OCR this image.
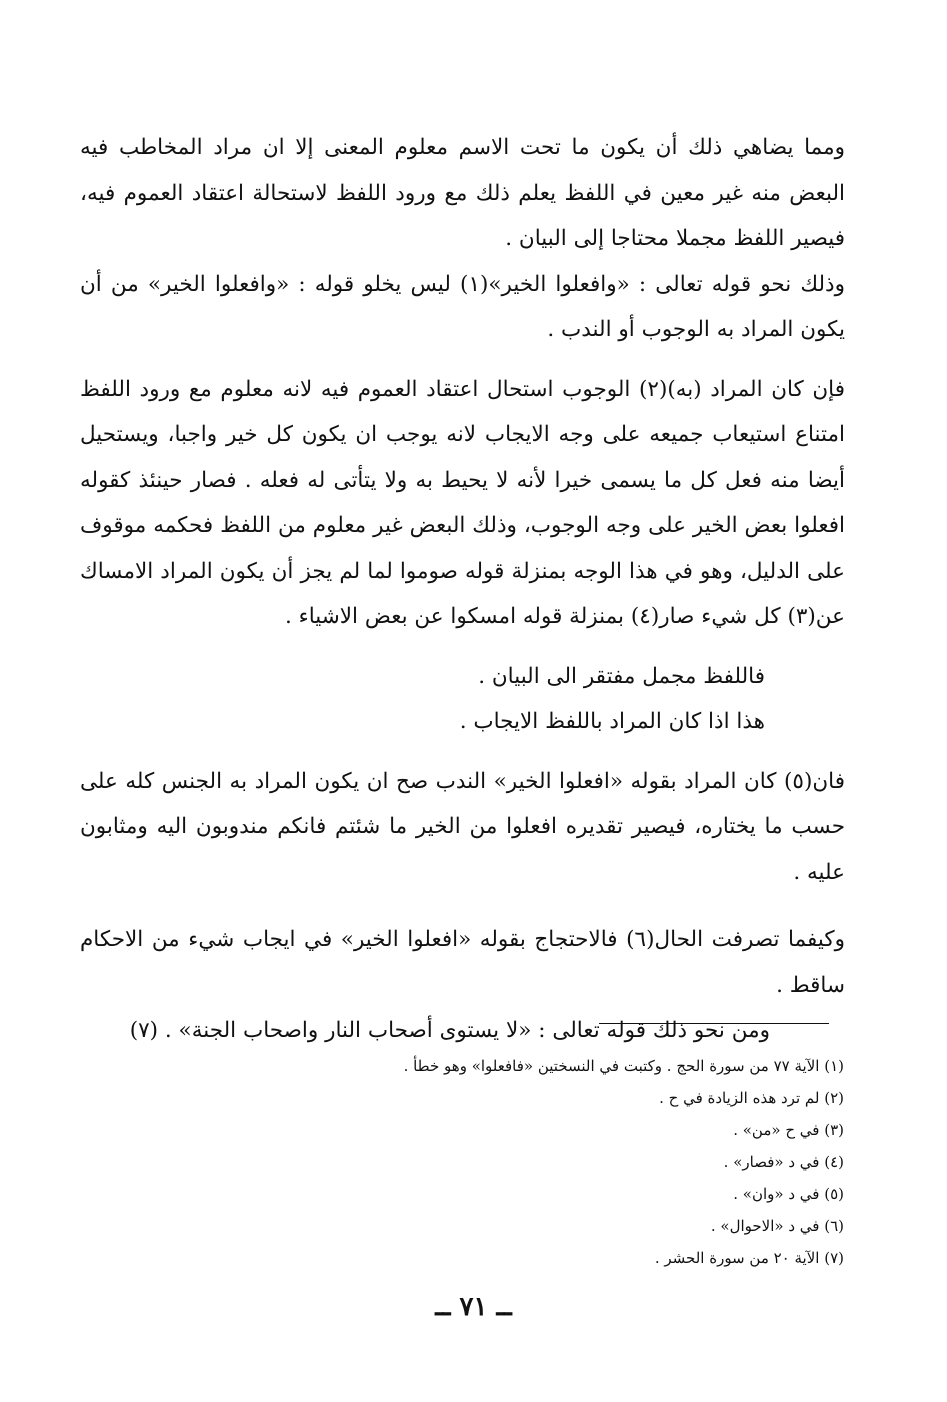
ومما يضاهي ذلك أن يكون ما تحت الاسم معلوم المعنى إلا ان مراد المخاطب فيه البعض منه غير معين في اللفظ يعلم ذلك مع ورود اللفظ لاستحالة اعتقاد العموم فيه، فيصير اللفظ مجملا محتاجا إلى البيان .

وذلك نحو قوله تعالى : «وافعلوا الخير»(١) ليس يخلو قوله : «وافعلوا الخير» من أن يكون المراد به الوجوب أو الندب .

فإن كان المراد (به)(٢) الوجوب استحال اعتقاد العموم فيه لانه معلوم مع ورود اللفظ امتناع استيعاب جميعه على وجه الايجاب لانه يوجب ان يكون كل خير واجبا، ويستحيل أيضا منه فعل كل ما يسمى خيرا لأنه لا يحيط به ولا يتأتى له فعله . فصار حينئذ كقوله افعلوا بعض الخير على وجه الوجوب، وذلك البعض غير معلوم من اللفظ فحكمه موقوف على الدليل، وهو في هذا الوجه بمنزلة قوله صوموا لما لم يجز أن يكون المراد الامساك عن(٣) كل شيء صار(٤) بمنزلة قوله امسكوا عن بعض الاشياء .

فاللفظ مجمل مفتقر الى البيان .

هذا اذا كان المراد باللفظ الايجاب .

فان(٥) كان المراد بقوله «افعلوا الخير» الندب صح ان يكون المراد به الجنس كله على حسب ما يختاره، فيصير تقديره افعلوا من الخير ما شئتم فانكم مندوبون اليه ومثابون عليه .

وكيفما تصرفت الحال(٦) فالاحتجاج بقوله «افعلوا الخير» في ايجاب شيء من الاحكام ساقط .

ومن نحو ذلك قوله تعالى : «لا يستوى أصحاب النار واصحاب الجنة» . (٧)

(١) الآية ٧٧ من سورة الحج . وكتبت في النسختين «فافعلوا» وهو خطأ .
(٢) لم ترد هذه الزيادة في ح .
(٣) في ح «من» .
(٤) في د «فصار» .
(٥) في د «وان» .
(٦) في د «الاحوال» .
(٧) الآية ٢٠ من سورة الحشر .
ــ ٧١ ــ
